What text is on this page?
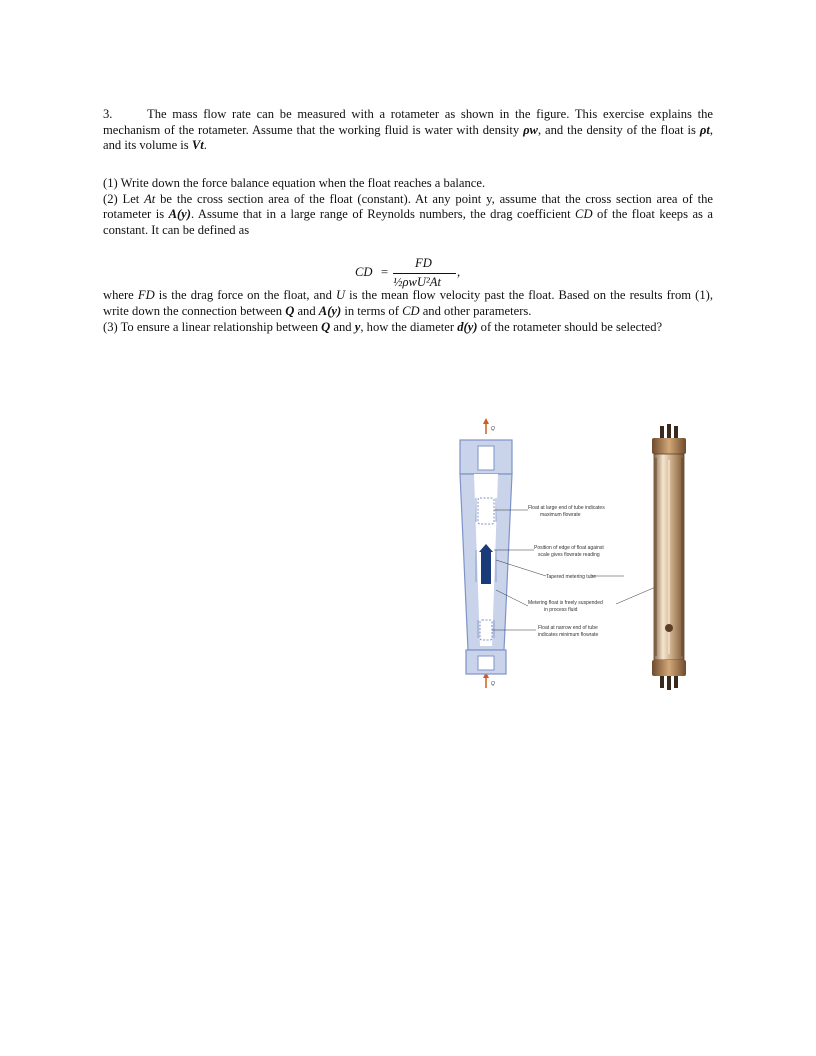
3.	The mass flow rate can be measured with a rotameter as shown in the figure. This exercise explains the mechanism of the rotameter. Assume that the working fluid is water with density ρw, and the density of the float is ρt, and its volume is Vt.

(1) Write down the force balance equation when the float reaches a balance.

(2) Let At be the cross section area of the float (constant). At any point y, assume that the cross section area of the rotameter is A(y). Assume that in a large range of Reynolds numbers, the drag coefficient CD of the float keeps as a constant. It can be defined as

where FD is the drag force on the float, and U is the mean flow velocity past the float. Based on the results from (1), write down the connection between Q and A(y) in terms of CD and other parameters.

(3) To ensure a linear relationship between Q and y, how the diameter d(y) of the rotameter should be selected?

CD =
FD
½ρwU²At
,
Q
Q
Float at large end of tube indicates maximum flowrate
Position of edge of float against scale gives flowrate reading
Tapered metering tube
Metering float is freely suspended in process fluid
Float at narrow end of tube indicates minimum flowrate
